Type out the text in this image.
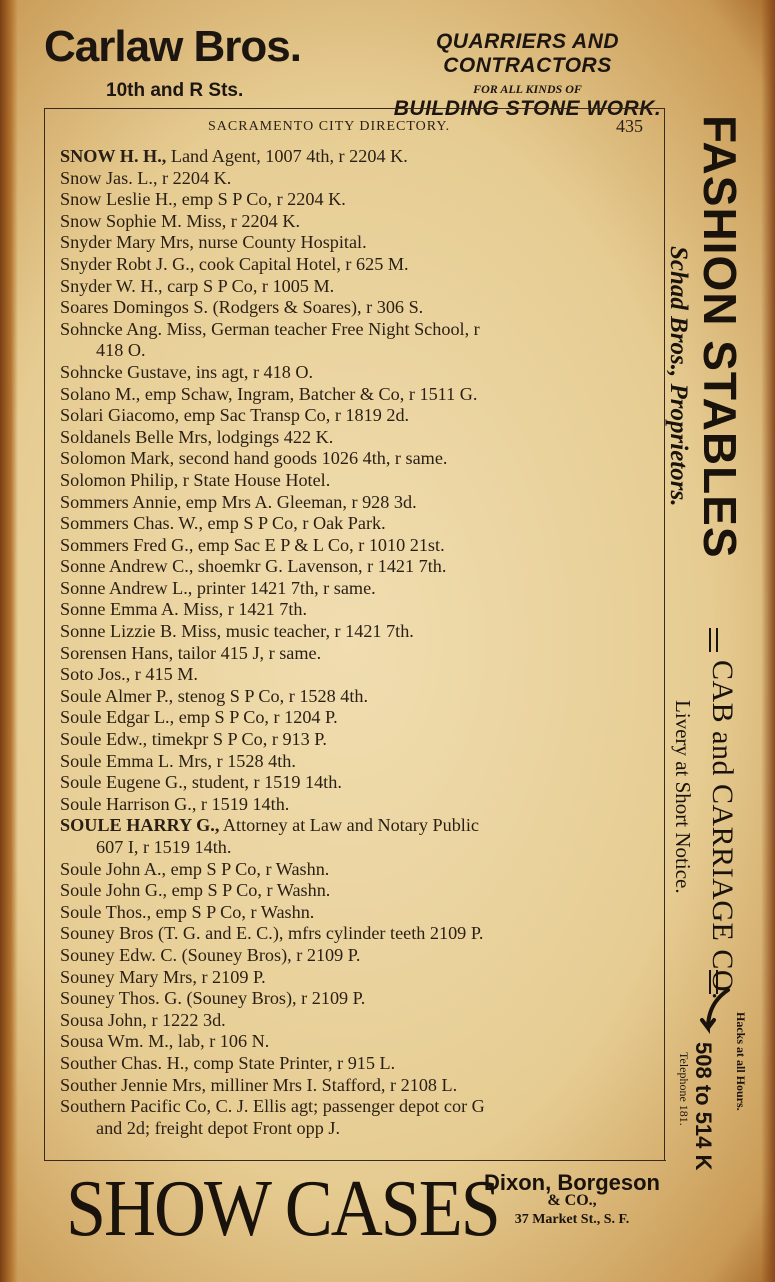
Carlaw Bros.
10th and R Sts.
QUARRIERS AND CONTRACTORS
FOR ALL KINDS OF
BUILDING STONE WORK.
SACRAMENTO CITY DIRECTORY.	435
SNOW H. H., Land Agent, 1007 4th, r 2204 K.
Snow Jas. L., r 2204 K.
Snow Leslie H., emp S P Co, r 2204 K.
Snow Sophie M. Miss, r 2204 K.
Snyder Mary Mrs, nurse County Hospital.
Snyder Robt J. G., cook Capital Hotel, r 625 M.
Snyder W. H., carp S P Co, r 1005 M.
Soares Domingos S. (Rodgers & Soares), r 306 S.
Sohncke Ang. Miss, German teacher Free Night School, r
418 O.
Sohncke Gustave, ins agt, r 418 O.
Solano M., emp Schaw, Ingram, Batcher & Co, r 1511 G.
Solari Giacomo, emp Sac Transp Co, r 1819 2d.
Soldanels Belle Mrs, lodgings 422 K.
Solomon Mark, second hand goods 1026 4th, r same.
Solomon Philip, r State House Hotel.
Sommers Annie, emp Mrs A. Gleeman, r 928 3d.
Sommers Chas. W., emp S P Co, r Oak Park.
Sommers Fred G., emp Sac E P & L Co, r 1010 21st.
Sonne Andrew C., shoemkr G. Lavenson, r 1421 7th.
Sonne Andrew L., printer 1421 7th, r same.
Sonne Emma A. Miss, r 1421 7th.
Sonne Lizzie B. Miss, music teacher, r 1421 7th.
Sorensen Hans, tailor 415 J, r same.
Soto Jos., r 415 M.
Soule Almer P., stenog S P Co, r 1528 4th.
Soule Edgar L., emp S P Co, r 1204 P.
Soule Edw., timekpr S P Co, r 913 P.
Soule Emma L. Mrs, r 1528 4th.
Soule Eugene G., student, r 1519 14th.
Soule Harrison G., r 1519 14th.
SOULE HARRY G., Attorney at Law and Notary Public
607 I, r 1519 14th.
Soule John A., emp S P Co, r Washn.
Soule John G., emp S P Co, r Washn.
Soule Thos., emp S P Co, r Washn.
Souney Bros (T. G. and E. C.), mfrs cylinder teeth 2109 P.
Souney Edw. C. (Souney Bros), r 2109 P.
Souney Mary Mrs, r 2109 P.
Souney Thos. G. (Souney Bros), r 2109 P.
Sousa John, r 1222 3d.
Sousa Wm. M., lab, r 106 N.
Souther Chas. H., comp State Printer, r 915 L.
Souther Jennie Mrs, milliner Mrs I. Stafford, r 2108 L.
Southern Pacific Co, C. J. Ellis agt; passenger depot cor G
and 2d; freight depot Front opp J.
FASHION STABLES
Schad Bros., Proprietors.
CAB and CARRIAGE CO.
Livery at Short Notice.
Hacks at all Hours.
508 to 514 K
Telephone 181.
SHOW CASES
Dixon, Borgeson
& CO.,
37 Market St., S. F.
